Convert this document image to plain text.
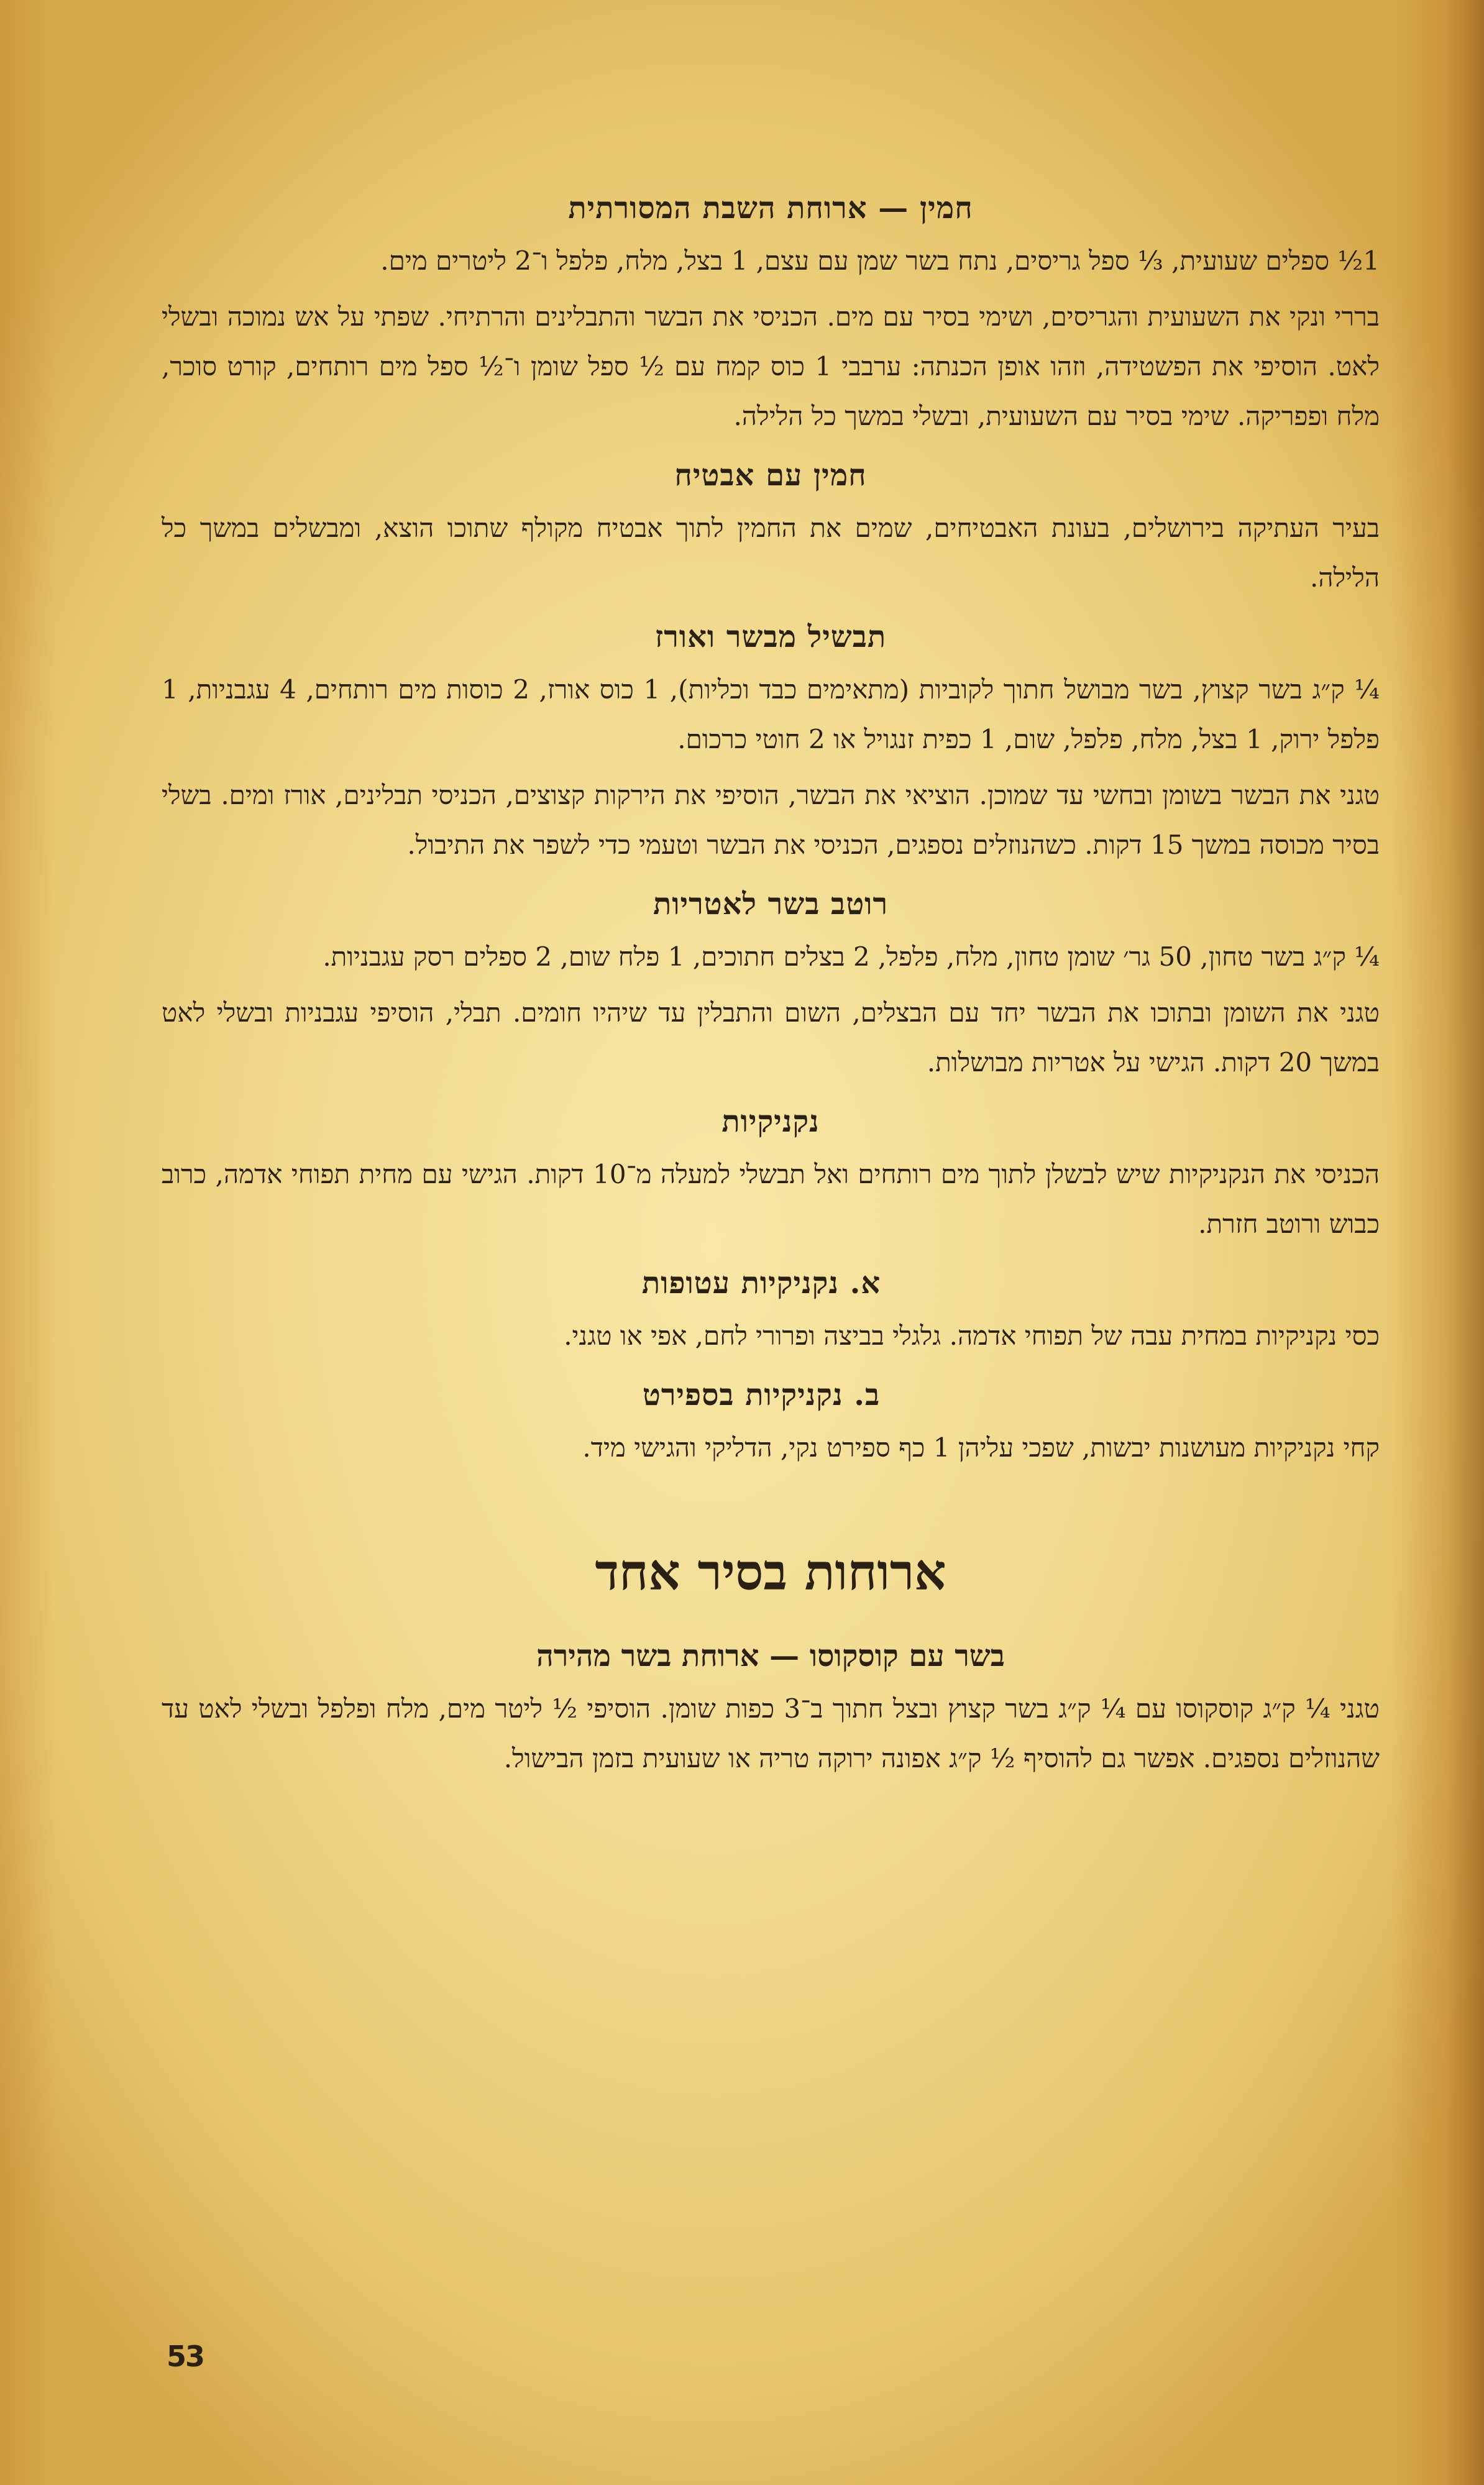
חמין — ארוחת השבת המסורתית

1½ ספלים שעועית, ⅓ ספל גריסים, נתח בשר שמן עם עצם, 1 בצל, מלח, פלפל ו־2 ליטרים מים.

בררי ונקי את השעועית והגריסים, ושימי בסיר עם מים. הכניסי את הבשר והתבלינים והרתיחי. שפתי על אש נמוכה ובשלי לאט. הוסיפי את הפשטידה, וזהו אופן הכנתה: ערבבי 1 כוס קמח עם ½ ספל שומן ו־½ ספל מים רותחים, קורט סוכר, מלח ופפריקה. שימי בסיר עם השעועית, ובשלי במשך כל הלילה.

חמין עם אבטיח

בעיר העתיקה בירושלים, בעונת האבטיחים, שמים את החמין לתוך אבטיח מקולף שתוכו הוצא, ומבשלים במשך כל הלילה.

תבשיל מבשר ואורז

¼ ק״ג בשר קצוץ, בשר מבושל חתוך לקוביות (מתאימים כבד וכליות), 1 כוס אורז, 2 כוסות מים רותחים, 4 עגבניות, 1 פלפל ירוק, 1 בצל, מלח, פלפל, שום, 1 כפית זנגויל או 2 חוטי כרכום.

טגני את הבשר בשומן ובחשי עד שמוכן. הוציאי את הבשר, הוסיפי את הירקות קצוצים, הכניסי תבלינים, אורז ומים. בשלי בסיר מכוסה במשך 15 דקות. כשהנוזלים נספגים, הכניסי את הבשר וטעמי כדי לשפר את התיבול.

רוטב בשר לאטריות

¼ ק״ג בשר טחון, 50 גר׳ שומן טחון, מלח, פלפל, 2 בצלים חתוכים, 1 פלח שום, 2 ספלים רסק עגבניות.

טגני את השומן ובתוכו את הבשר יחד עם הבצלים, השום והתבלין עד שיהיו חומים. תבלי, הוסיפי עגבניות ובשלי לאט במשך 20 דקות. הגישי על אטריות מבושלות.

נקניקיות

הכניסי את הנקניקיות שיש לבשלן לתוך מים רותחים ואל תבשלי למעלה מ־10 דקות. הגישי עם מחית תפוחי אדמה, כרוב כבוש ורוטב חזרת.

א. נקניקיות עטופות

כסי נקניקיות במחית עבה של תפוחי אדמה. גלגלי בביצה ופרורי לחם, אפי או טגני.

ב. נקניקיות בספירט

קחי נקניקיות מעושנות יבשות, שפכי עליהן 1 כף ספירט נקי, הדליקי והגישי מיד.

ארוחות בסיר אחד
בשר עם קוסקוסו — ארוחת בשר מהירה

טגני ¼ ק״ג קוסקוסו עם ¼ ק״ג בשר קצוץ ובצל חתוך ב־3 כפות שומן. הוסיפי ½ ליטר מים, מלח ופלפל ובשלי לאט עד שהנוזלים נספגים. אפשר גם להוסיף ½ ק״ג אפונה ירוקה טריה או שעועית בזמן הבישול.

53
